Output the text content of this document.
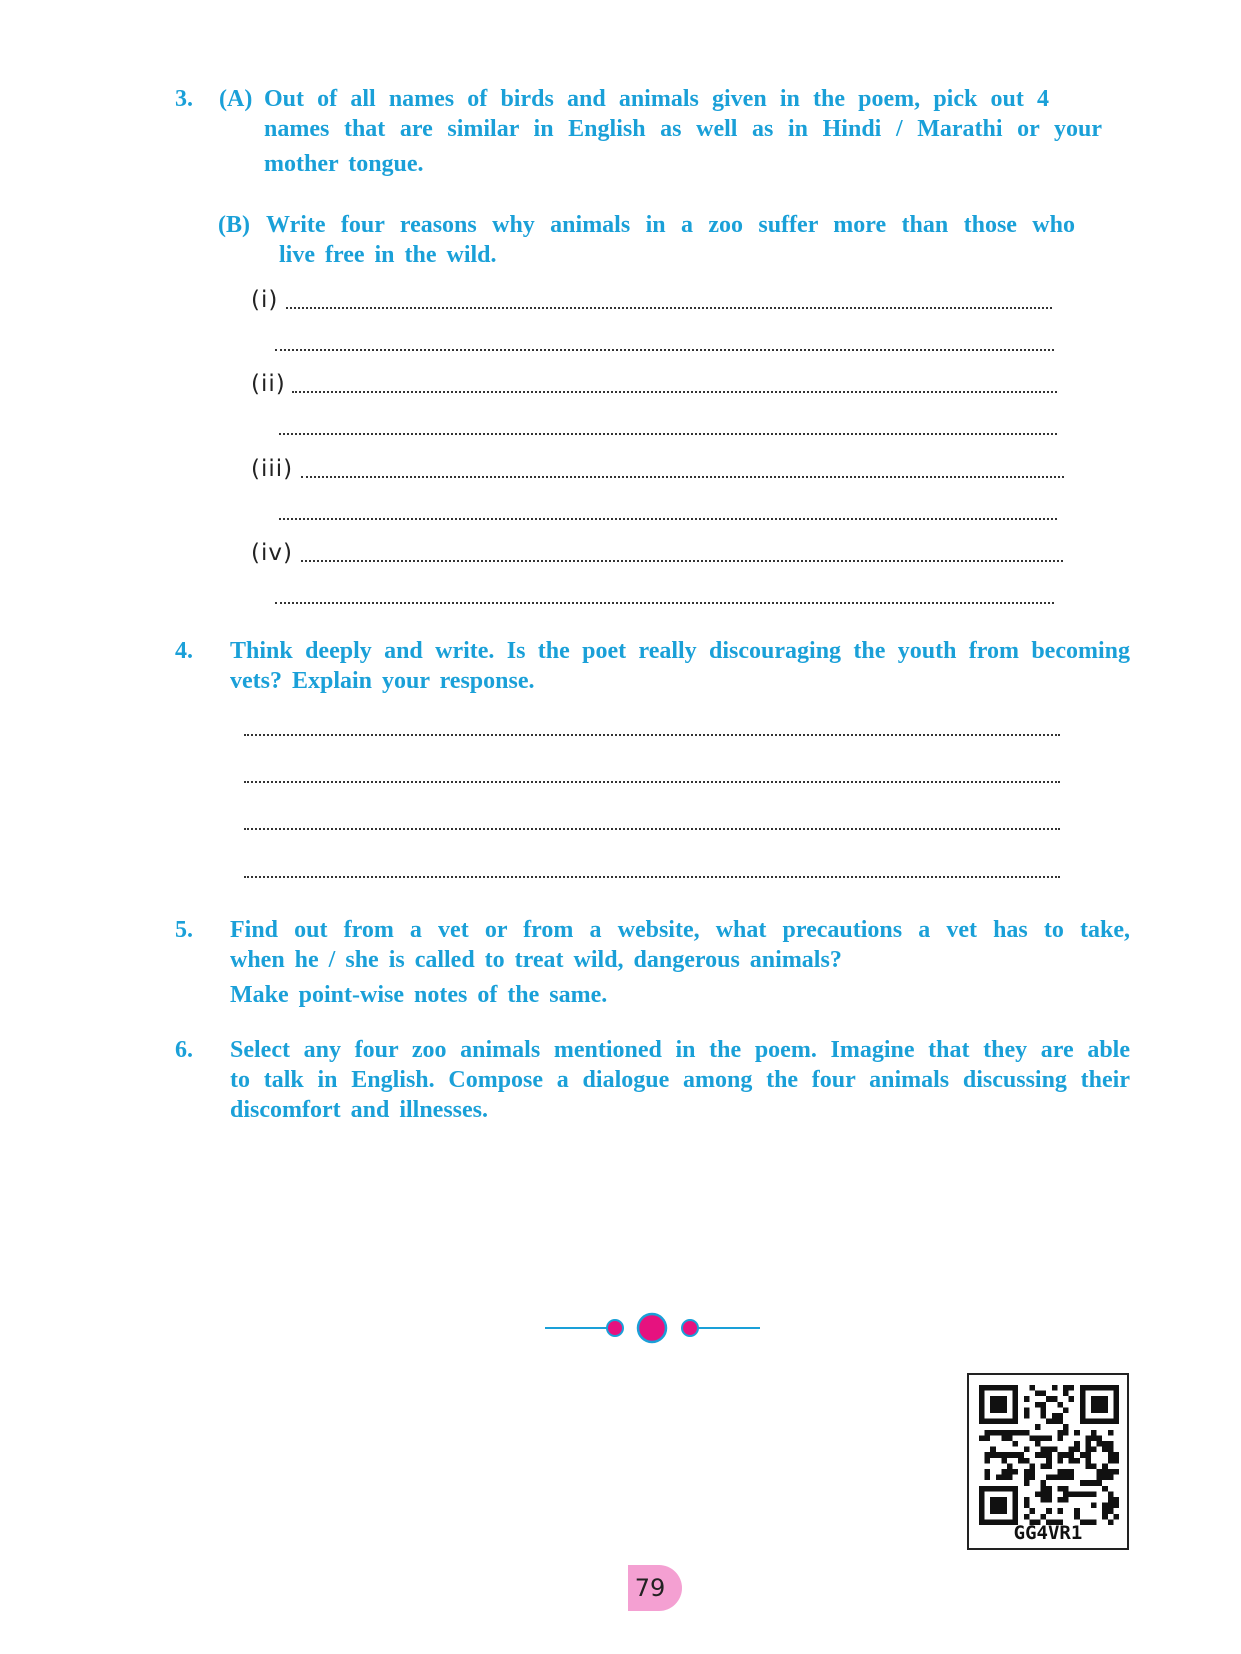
3. (A) Out of all names of birds and animals given in the poem, pick out 4
names that are similar in English as well as in Hindi / Marathi or your
mother tongue.
(B) Write four reasons why animals in a zoo suffer more than those who
live free in the wild.
(i)
(ii)
(iii)
(iv)
4. Think deeply and write. Is the poet really discouraging the youth from becoming
vets? Explain your response.
5. Find out from a vet or from a website, what precautions a vet has to take,
when he / she is called to treat wild, dangerous animals?
Make point-wise notes of the same.
6. Select any four zoo animals mentioned in the poem. Imagine that they are able
to talk in English. Compose a dialogue among the four animals discussing their
discomfort and illnesses.
GG4VR1
79
